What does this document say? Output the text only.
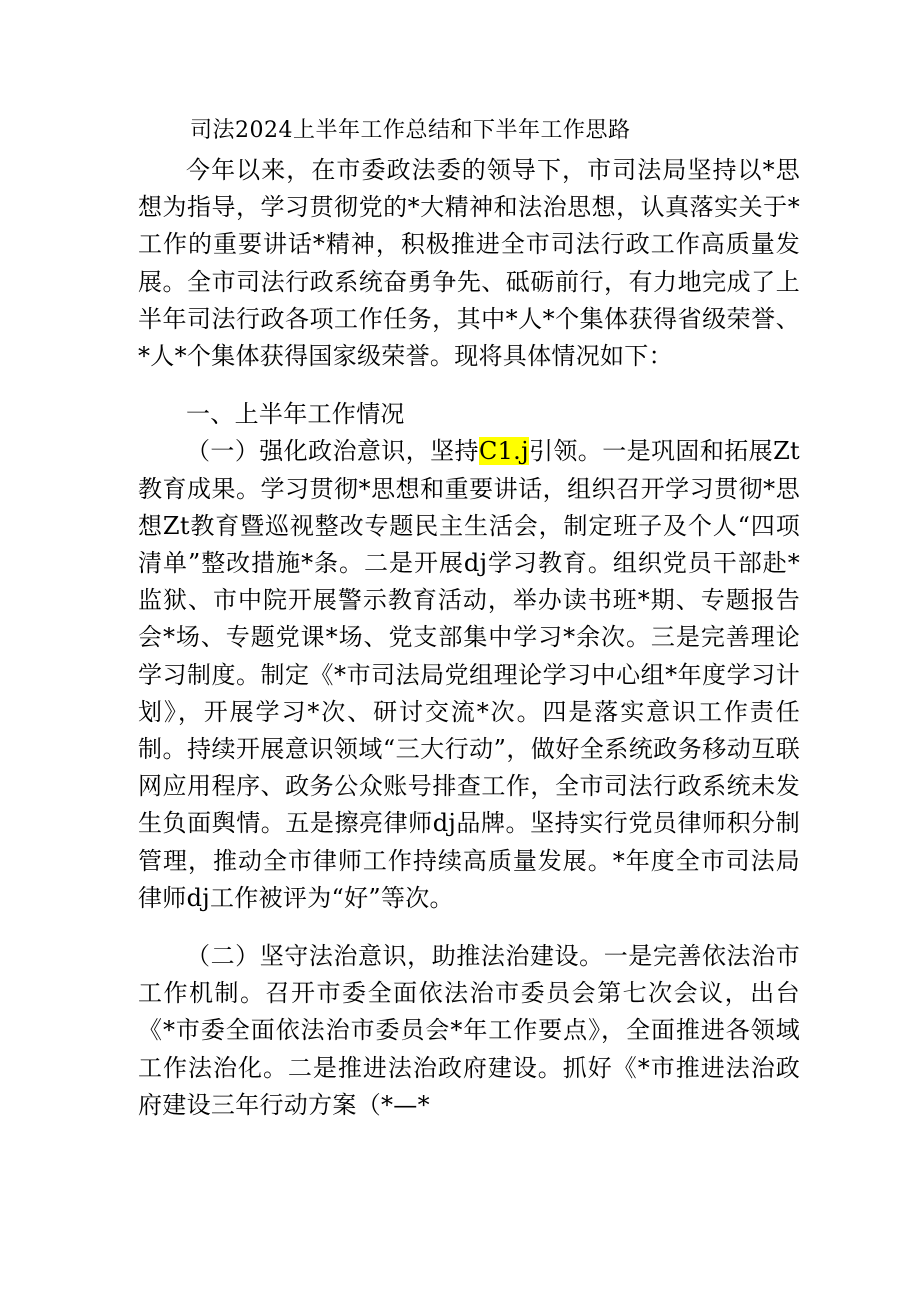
司法2024上半年工作总结和下半年工作思路

今年以来，在市委政法委的领导下，市司法局坚持以*思想为指导，学习贯彻党的*大精神和法治思想，认真落实关于*工作的重要讲话*精神，积极推进全市司法行政工作高质量发展。全市司法行政系统奋勇争先、砥砺前行，有力地完成了上半年司法行政各项工作任务，其中*人*个集体获得省级荣誉、*人*个集体获得国家级荣誉。现将具体情况如下：

一、上半年工作情况

（一）强化政治意识，坚持C1.j引领。一是巩固和拓展Zt教育成果。学习贯彻*思想和重要讲话，组织召开学习贯彻*思想Zt教育暨巡视整改专题民主生活会，制定班子及个人“四项清单”整改措施*条。二是开展dj学习教育。组织党员干部赴*监狱、市中院开展警示教育活动，举办读书班*期、专题报告会*场、专题党课*场、党支部集中学习*余次。三是完善理论学习制度。制定《*市司法局党组理论学习中心组*年度学习计划》，开展学习*次、研讨交流*次。四是落实意识工作责任制。持续开展意识领域“三大行动”，做好全系统政务移动互联网应用程序、政务公众账号排查工作，全市司法行政系统未发生负面舆情。五是擦亮律师dj品牌。坚持实行党员律师积分制管理，推动全市律师工作持续高质量发展。*年度全市司法局律师dj工作被评为“好”等次。

（二）坚守法治意识，助推法治建设。一是完善依法治市工作机制。召开市委全面依法治市委员会第七次会议，出台《*市委全面依法治市委员会*年工作要点》，全面推进各领域工作法治化。二是推进法治政府建设。抓好《*市推进法治政府建设三年行动方案（*—*
